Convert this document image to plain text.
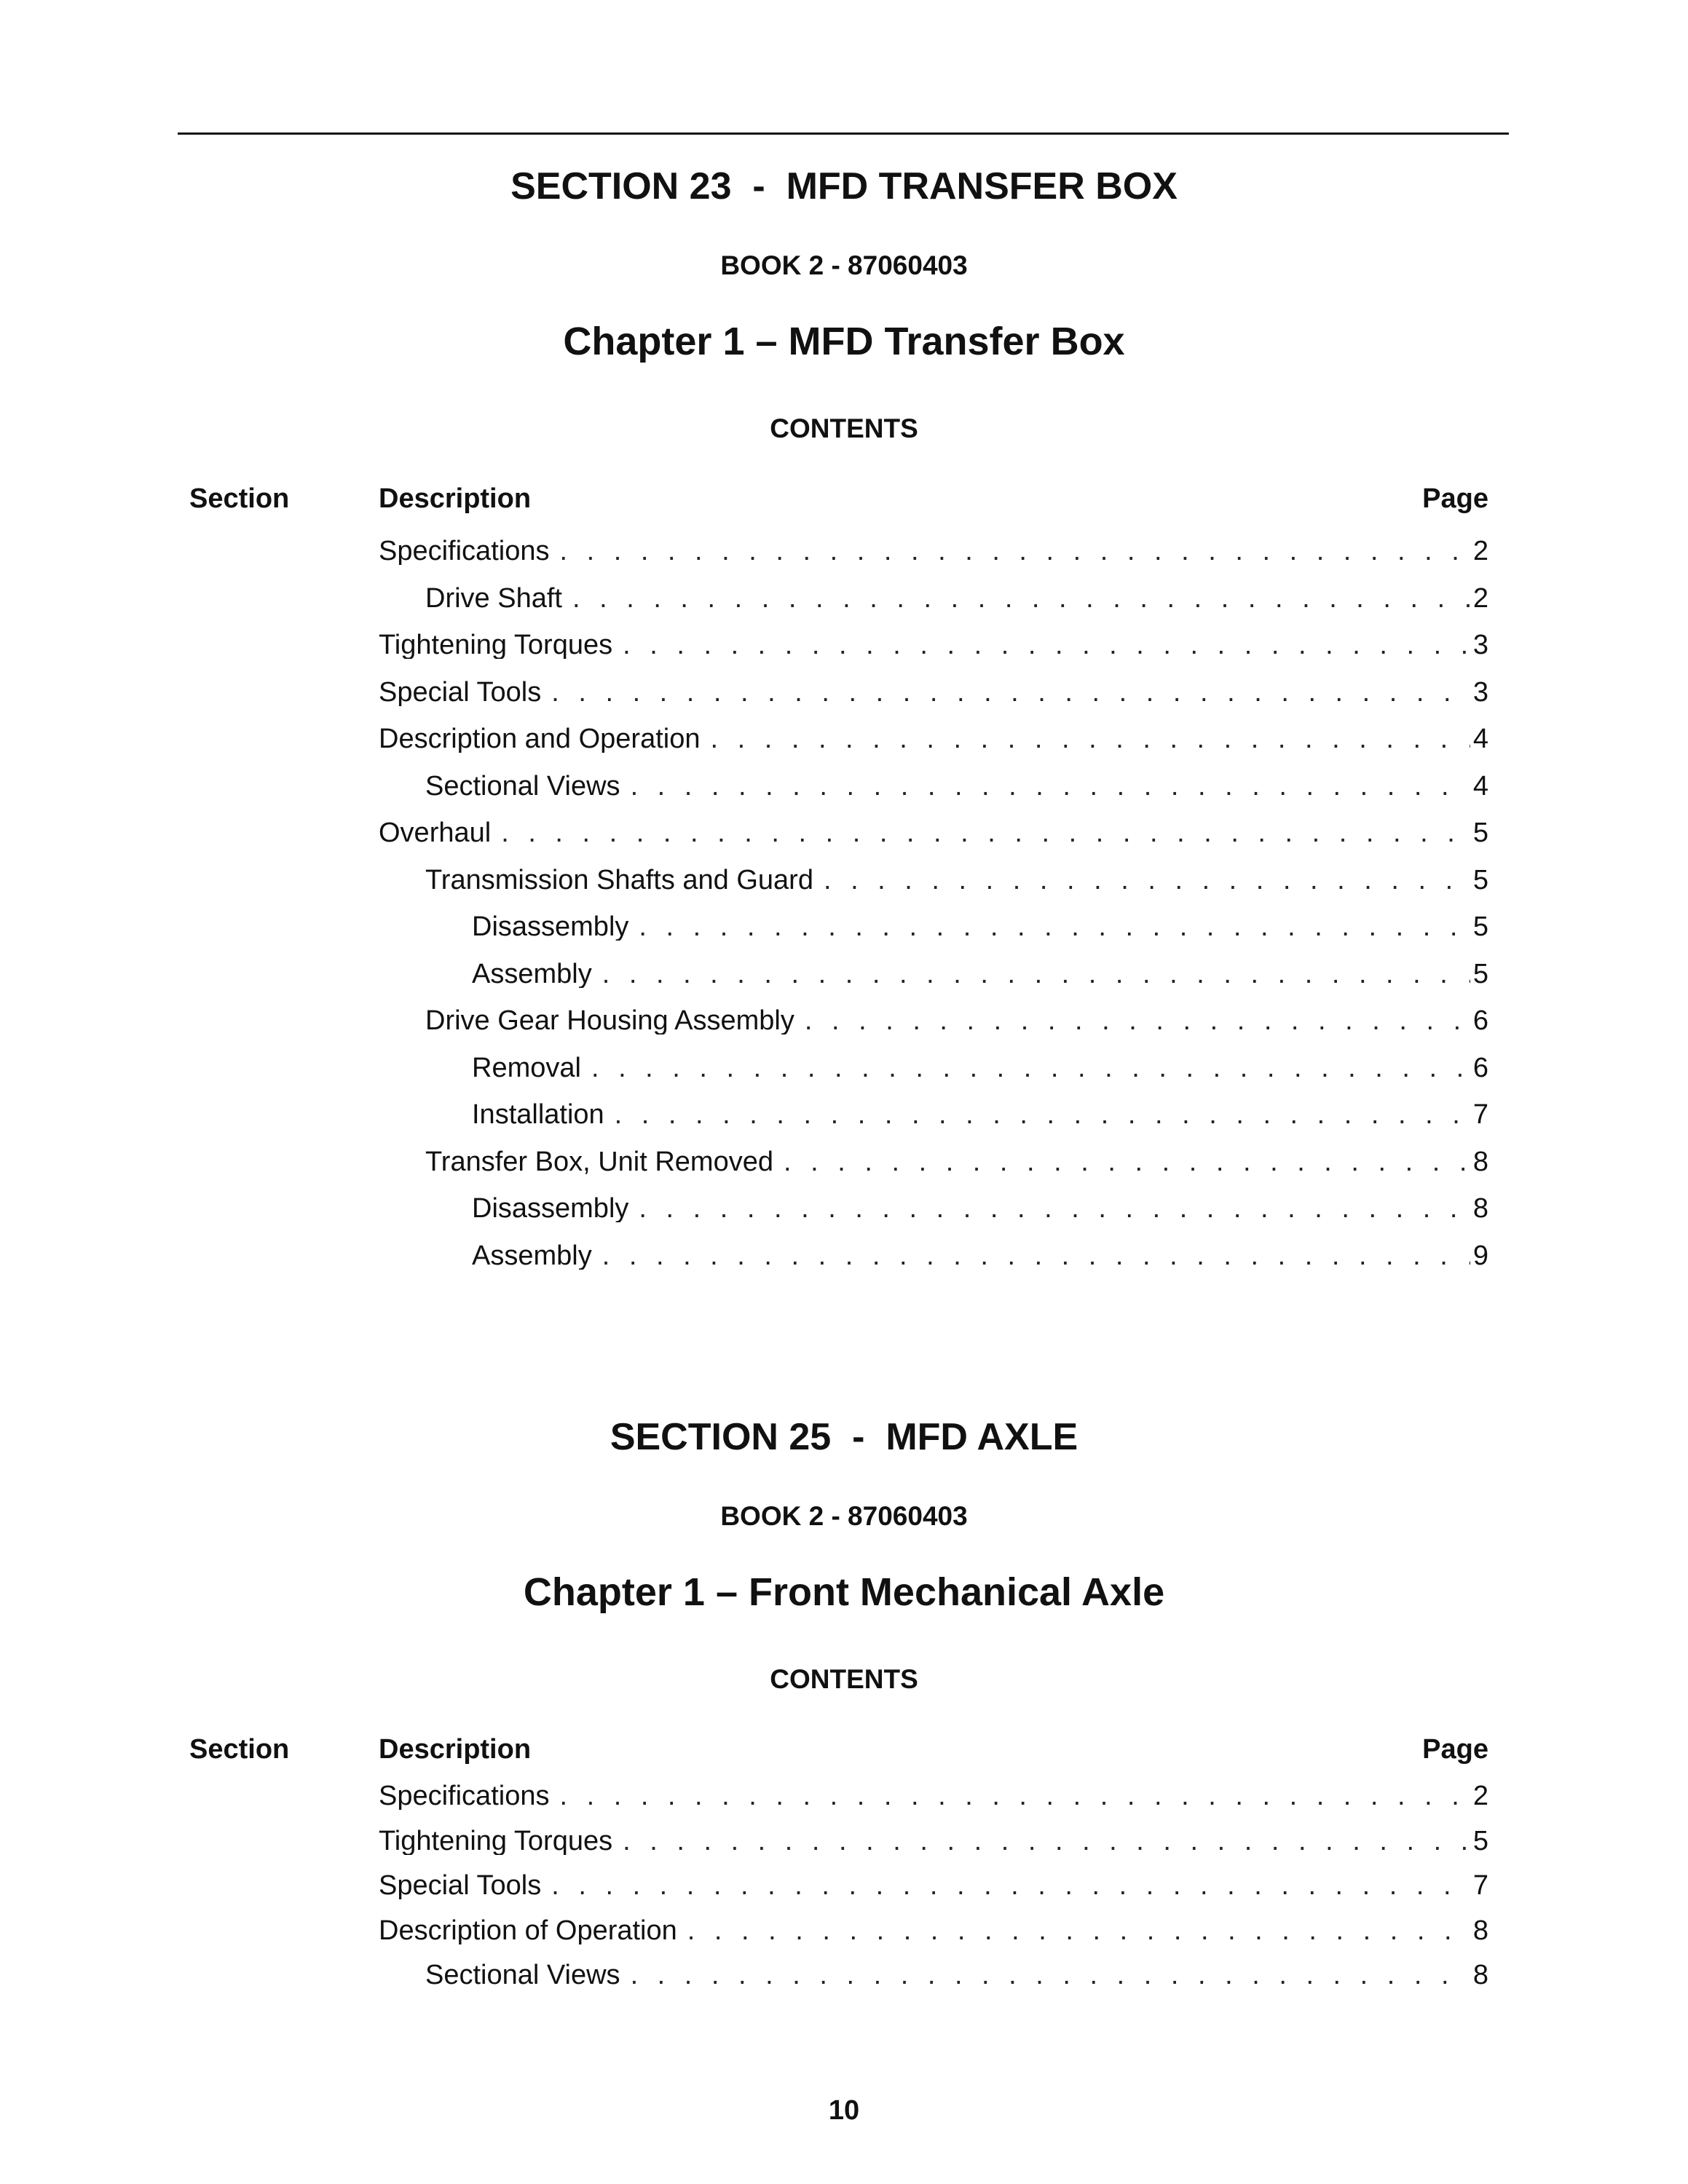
SECTION 23  -  MFD TRANSFER BOX
BOOK 2 - 87060403
Chapter 1 – MFD Transfer Box
CONTENTS
Section	Description	Page
Specifications . . .	2
Drive Shaft . . .	2
Tightening Torques . . .	3
Special Tools . . .	3
Description and Operation . . .	4
Sectional Views . . .	4
Overhaul . . .	5
Transmission Shafts and Guard . . .	5
Disassembly . . .	5
Assembly . . .	5
Drive Gear Housing Assembly . . .	6
Removal . . .	6
Installation . . .	7
Transfer Box, Unit Removed . . .	8
Disassembly . . .	8
Assembly . . .	9
SECTION 25  -  MFD AXLE
BOOK 2 - 87060403
Chapter 1 – Front Mechanical Axle
CONTENTS
Section	Description	Page
Specifications . . .	2
Tightening Torques . . .	5
Special Tools . . .	7
Description of Operation . . .	8
Sectional Views . . .	8
10
